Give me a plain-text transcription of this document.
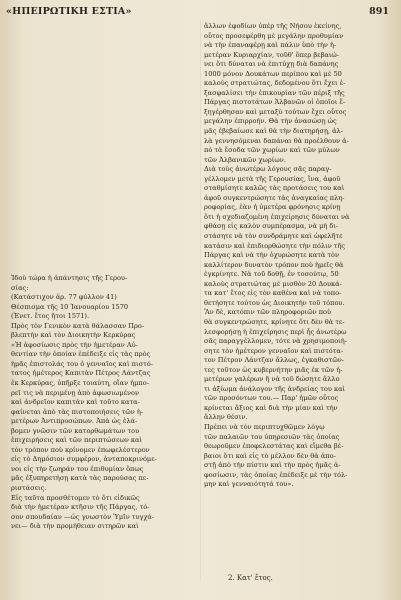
«ΗΠΕΙΡΩΤΙΚΗ ΕΣΤΙΑ»	891
Ἰδοὺ τώρα ἡ ἀπάντησις τῆς Γερου-
σίας:
(Κατάστιχον ἀρ. 77 φύλλον 41)
Θέσπισμα τῆς 10 Ἰανουαρίου 1570
(Ἐνετ. ἔτος ἤτοι 1571).
Πρὸς τὸν Γενικὸν κατὰ θάλασσαν Προ-
βλεπτὴν καὶ τὸν Διοικητὴν Κερκύρας
«Ἡ ἀφοσίωσις πρὸς τὴν ἡμετέραν Αὐ-
θεντίαν τὴν ὁποίαν ἐπέδειξε εἰς τὰς πρὸς
ἡμᾶς ἐπιστολάς του ὁ γενναῖος καὶ πιστό-
τατος ἡμέτερος Καπιτὰν Πέτρος Λάντζας
ἐκ Κερκύρας, ὑπῆρξε τοιαύτη, οἵαν ἡμπο-
ρεῖ τις νὰ περιμένῃ ἀπὸ ἀφωσιωμένον
καὶ ἀνδρεῖον καπιτὰν καὶ τοῦτο κατα-
φαίνεται ἀπὸ τὰς πιστοποιήσεις τῶν ἡ-
μετέρων Ἀντιπροσώπων. Ἀπὰ ὡς ἐλά-
βομεν γνῶσιν τῶν κατορθωμάτων του
ἐπιχειρήσεις καὶ τῶν περιπτώσεων καὶ
τὸν τρόπον ποὺ κρίνομεν ἐπωφελέστερον
εἰς τὸ Δημόσιον συμφέρον, ἀνταποκρινόμε-
νοι εἰς τὴν ζωηράν του ἐπιθυμίαν ὅπως
μᾶς ἐξυπηρετήσῃ κατὰ τὰς παρούσας πε-
ριστάσεις.
Εἰς ταῦτα προσθέτομεν τὸ ὅτι εἰδικῶς
διὰ τὴν ἡμετέραν κτῆσιν τῆς Πάργας, τό-
σον σπουδαίαν —ὡς γνωστὸν Ὑμῖν τυγχά-
νει— διὰ τὴν προμήθειαν σιτηρῶν καὶ
ἄλλων ἐφοδίων ὑπὲρ τῆς Νήσου ἐκείνης,
οὗτος προσεφέρθη μὲ μεγάλην προθυμίαν
νὰ τὴν ἐπαναφέρῃ καὶ πάλιν ὑπὸ τὴν ἡ-
μετέραν Κυριαρχίαν, τοῦθ' ὅπερ βεβαιώ-
νει ὅτι δύναται νὰ ἐπιτύχῃ διὰ δαπάνης
1000 μόνον Δουκάτων περίπου καὶ μὲ 50
καλοὺς στρατιώτας, δεδομένου ὅτι ἔχει ἐ-
ξασφαλίσει τὴν ἐπικουρίαν τῶν πέριξ τῆς
Πάργας πιστοτάτων Ἀλβανῶν οἱ ὁποῖοι ἔ-
ξηγέρθησαν καὶ μεταξὺ τούτων ἔχει οὗτος
μεγάλην ἐπιρροήν. Θὰ τὴν ἀνασώσῃ ὡς
μᾶς ἐβεβαίωσε καὶ θὰ τὴν διατηρήσῃ, ἀλ-
λὰ γεννησόμεναι δαπάναι θὰ προέλθουν ἀ-
πὸ τὰ ἔσοδα τῶν χωρίων καὶ τῶν μύλων
τῶν Ἀλβανικῶν χωρίων.
Διὰ τοὺς ἀνωτέρω λόγους σᾶς παραγ-
γέλλομεν μετὰ τῆς Γερουσίας, ἵνα, ἀφοῦ
σταθμίσητε καλῶς τὰς προτάσεις του καὶ
ἀφοῦ συγκεντρώσητε τὰς ἀναγκαίας πλη-
ροφορίας, ἐὰν ἡ ὑμετέρα φρόνησις κρίνῃ
ὅτι ἡ σχεδιαζομένη ἐπιχείρησις δύναται νὰ
φθάσῃ εἰς καλὸν συμπέρασμα, νὰ μὴ δι-
στάσητε νὰ τὸν συνδράμητε καὶ ὠφελῆτε
κατάσιν καὶ ἐπιδιορθώσητε τὴν πόλιν τῆς
Πάργας καὶ νὰ τὴν ὀχυρώσητε κατὰ τὸν
καλλίτερον δυνατὸν τρόπον ποὺ ἡμεῖς θὰ
ἐγκρίνητε. Νὰ τοῦ δοθῇ, ἐν τοσούτῳ, 50
καλοὺς στρατιώτας μὲ μισθὸν 20 Δουκά-
τα κατ' ἔτος εἰς τὸν καθένα καὶ νὰ τοπο-
θετήσητε τούτου ὡς Διοικητὴν τοῦ τόπου.
Ἂν δὲ, κατόπιν τῶν πληροφοριῶν ποὺ
θὰ συγκεντρώσητε, κρίνητε ὅτι δὲν θὰ τε-
λεσφορήσῃ ἡ ἐπιχείρησις περὶ ἧς ἀνωτέρω
σᾶς παραγγέλλομεν, τότε νὰ χρησιμοποιή-
σητε τὸν ἡμέτερον γενναῖον καὶ πιστότα-
τον Πέτρον Λάντζαν ἄλλως, ἐγκαθιστῶν-
τες τοῦτον ὡς κυβερνήτην μιᾶς ἐκ τῶν ἡ-
μετέρων γαλέρων ἢ νὰ τοῦ δώσητε ἄλλο
τι ἀξίωμα ἀνάλογον τῆς ἀνδρείας του καὶ
τῶν προσόντων του.— Παρ' ἡμῶν οὗτος
κρίνεται ἄξιος καὶ διὰ τὴν μίαν καὶ τὴν
ἄλλην θέσιν.
Πρέπει νὰ τὸν περιπτυχθῶμεν λόγῳ
τῶν παλαιῶν του ὑπηρεσιῶν τὰς ὁποίας
θεωροῦμεν ἐποφελεστάτας καὶ εἴμεθα βέ-
βαιοι ὅτι καὶ εἰς τὸ μέλλον δὲν θὰ ἀπο-
στῇ ἀπὸ τὴν πίστιν καὶ τὴν πρὸς ἡμᾶς ἀ-
φοσίωσιν, τὰς ὁποίας ἐπέδειξε μὲ τὴν τόλ-
μην καὶ γενναιότητά του».
2. Κατ' ἔτος.
